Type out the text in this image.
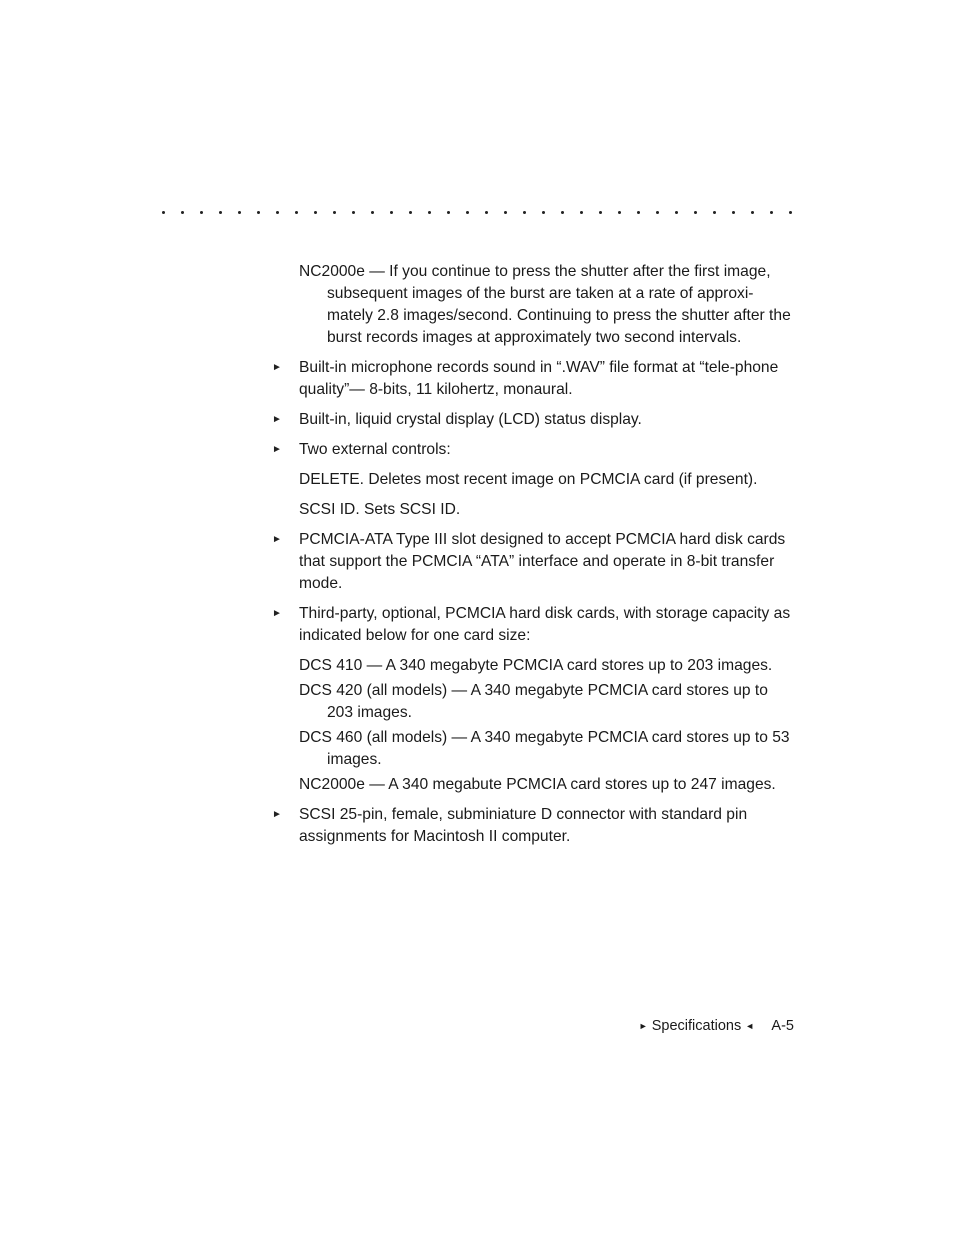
NC2000e — If you continue to press the shutter after the first image, subsequent images of the burst are taken at a rate of approxi-mately 2.8 images/second. Continuing to press the shutter after the burst records images at approximately two second intervals.

► Built-in microphone records sound in “.WAV” file format at “tele-phone quality”— 8-bits, 11 kilohertz, monaural.
► Built-in, liquid crystal display (LCD) status display.
► Two external controls:

DELETE. Deletes most recent image on PCMCIA card (if present).

SCSI ID. Sets SCSI ID.

► PCMCIA-ATA Type III slot designed to accept PCMCIA hard disk cards that support the PCMCIA “ATA” interface and operate in 8-bit transfer mode.
► Third-party, optional, PCMCIA hard disk cards, with storage capacity as indicated below for one card size:

DCS 410 — A 340 megabyte PCMCIA card stores up to 203 images.

DCS 420 (all models) — A 340 megabyte PCMCIA card stores up to 203 images.

DCS 460 (all models) — A 340 megabyte PCMCIA card stores up to 53 images.

NC2000e — A 340 megabute PCMCIA card stores up to 247 images.

► SCSI 25-pin, female, subminiature D connector with standard pin assignments for Macintosh II computer.
► Specifications ◄ A-5
